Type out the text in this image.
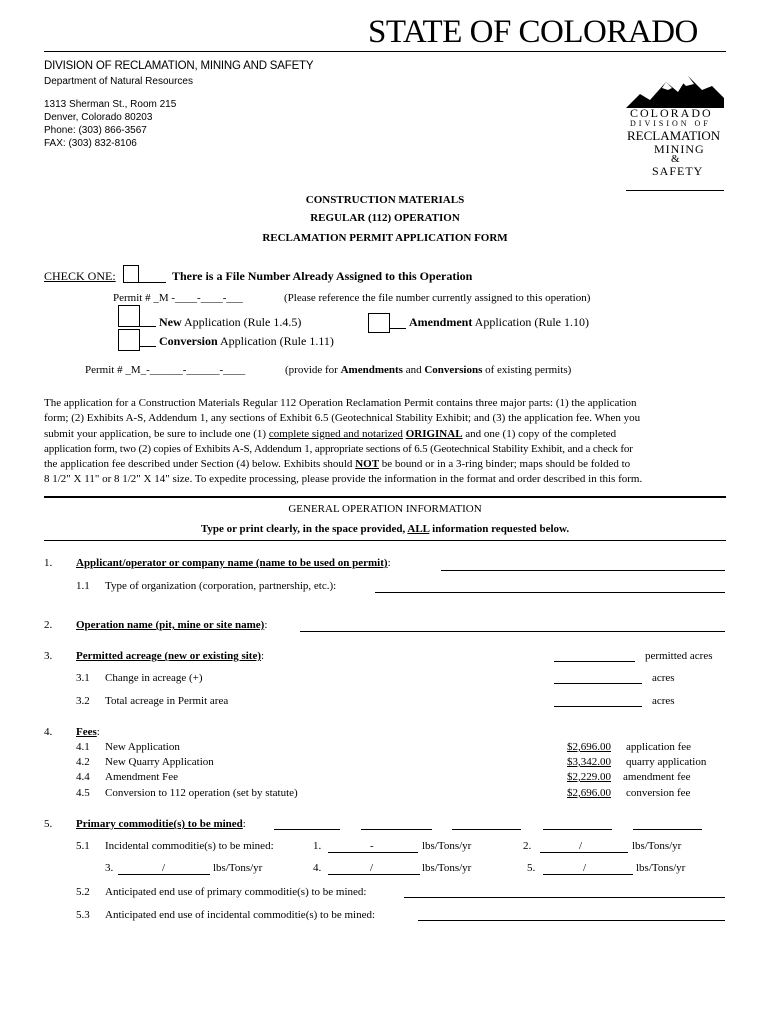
STATE OF COLORADO
DIVISION OF RECLAMATION, MINING AND SAFETY
Department of Natural Resources
1313 Sherman St., Room 215
Denver, Colorado 80203
Phone: (303) 866-3567
FAX: (303) 832-8106
COLORADO
DIVISION OF
RECLAMATION
MINING
&
SAFETY
CONSTRUCTION MATERIALS
REGULAR (112) OPERATION
RECLAMATION PERMIT APPLICATION FORM
CHECK ONE:	There is a File Number Already Assigned to this Operation
Permit # _M -____-____-___	(Please reference the file number currently assigned to this operation)
New Application (Rule 1.4.5)	Amendment Application (Rule 1.10)
Conversion Application (Rule 1.11)
Permit # _M_-______-______-____	(provide for Amendments and Conversions of existing permits)
The application for a Construction Materials Regular 112 Operation Reclamation Permit contains three major parts: (1) the application
form; (2) Exhibits A-S, Addendum 1, any sections of Exhibit 6.5 (Geotechnical Stability Exhibit; and (3) the application fee. When you
submit your application, be sure to include one (1) complete signed and notarized ORIGINAL and one (1) copy of the completed
application form, two (2) copies of Exhibits A-S, Addendum 1, appropriate sections of 6.5 (Geotechnical Stability Exhibit, and a check for
the application fee described under Section (4) below. Exhibits should NOT be bound or in a 3-ring binder; maps should be folded to
8 1/2" X 11" or 8 1/2" X 14" size. To expedite processing, please provide the information in the format and order described in this form.
GENERAL OPERATION INFORMATION
Type or print clearly, in the space provided, ALL information requested below.
1. Applicant/operator or company name (name to be used on permit):
1.1 Type of organization (corporation, partnership, etc.):
2. Operation name (pit, mine or site name):
3. Permitted acreage (new or existing site):	permitted acres
3.1 Change in acreage (+)	acres
3.2 Total acreage in Permit area	acres
4. Fees:
4.1 New Application	$2,696.00 application fee
4.2 New Quarry Application	$3,342.00 quarry application
4.4 Amendment Fee	$2,229.00 amendment fee
4.5 Conversion to 112 operation (set by statute)	$2,696.00 conversion fee
5. Primary commoditie(s) to be mined:
5.1 Incidental commoditie(s) to be mined:	1.	-	lbs/Tons/yr	2.	/	lbs/Tons/yr
3.	/	lbs/Tons/yr	4.	/	lbs/Tons/yr	5.	/	lbs/Tons/yr
5.2 Anticipated end use of primary commoditie(s) to be mined:
5.3 Anticipated end use of incidental commoditie(s) to be mined:
